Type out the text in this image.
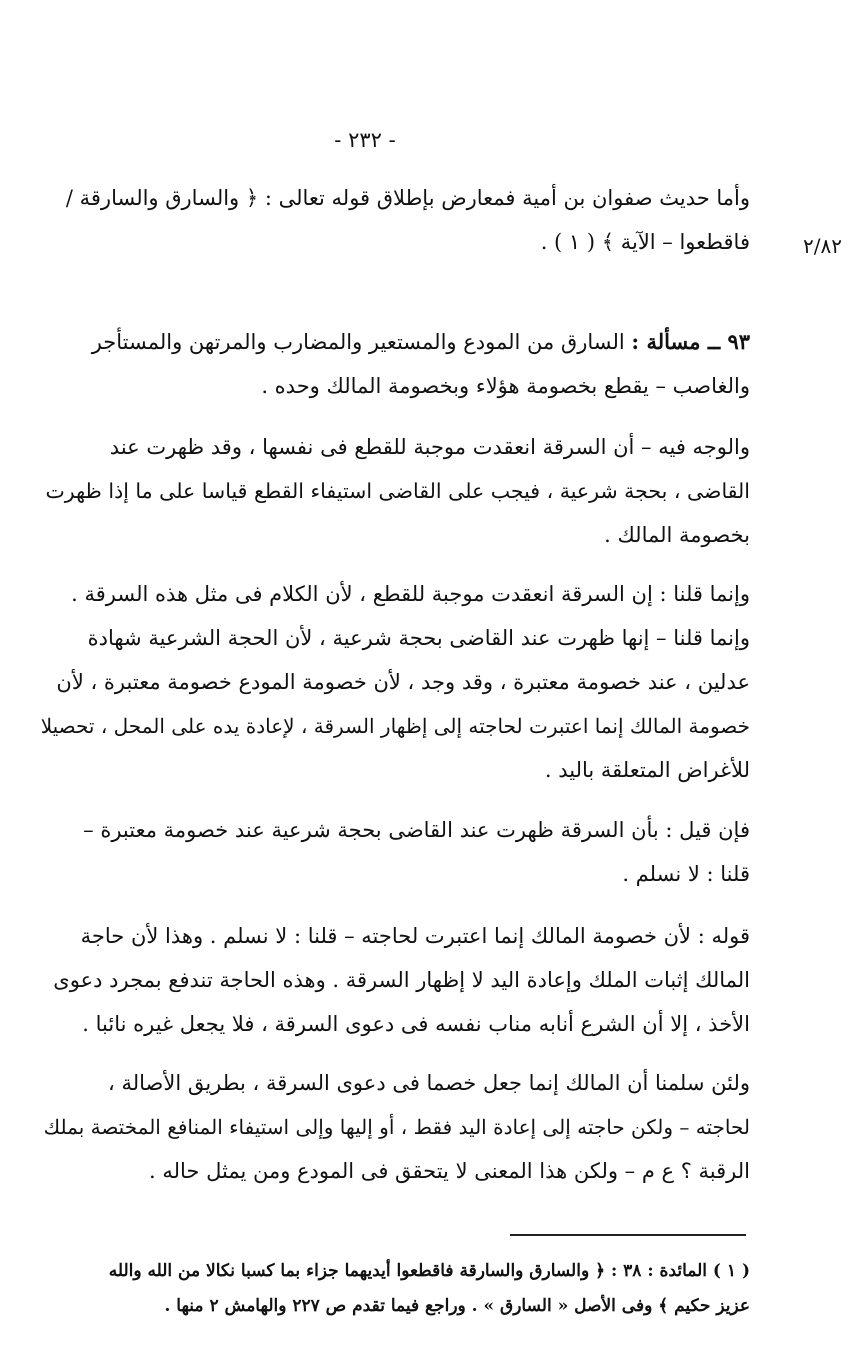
- ٢٣٢ -
٢/٨٢
وأما حديث صفوان بن أمية فمعارض بإطلاق قوله تعالى : ﴿ والسارق والسارقة /
فاقطعوا – الآية ﴾ ( ١ ) .
٩٣ ــ مسألة : السارق من المودع والمستعير والمضارب والمرتهن والمستأجر
والغاصب – يقطع بخصومة هؤلاء وبخصومة المالك وحده .
والوجه فيه – أن السرقة انعقدت موجبة للقطع فى نفسها ، وقد ظهرت عند
القاضى ، بحجة شرعية ، فيجب على القاضى استيفاء القطع قياسا على ما إذا ظهرت
بخصومة المالك .
وإنما قلنا : إن السرقة انعقدت موجبة للقطع ، لأن الكلام فى مثل هذه السرقة .
وإنما قلنا – إنها ظهرت عند القاضى بحجة شرعية ، لأن الحجة الشرعية شهادة
عدلين ، عند خصومة معتبرة ، وقد وجد ، لأن خصومة المودع خصومة معتبرة ، لأن
خصومة المالك إنما اعتبرت لحاجته إلى إظهار السرقة ، لإعادة يده على المحل ، تحصيلا
للأغراض المتعلقة باليد .
فإن قيل : بأن السرقة ظهرت عند القاضى بحجة شرعية عند خصومة معتبرة –
قلنا : لا نسلم .
قوله : لأن خصومة المالك إنما اعتبرت لحاجته – قلنا : لا نسلم . وهذا لأن حاجة
المالك إثبات الملك وإعادة اليد لا إظهار السرقة . وهذه الحاجة تندفع بمجرد دعوى
الأخذ ، إلا أن الشرع أنابه مناب نفسه فى دعوى السرقة ، فلا يجعل غيره نائبا .
ولئن سلمنا أن المالك إنما جعل خصما فى دعوى السرقة ، بطريق الأصالة ،
لحاجته – ولكن حاجته إلى إعادة اليد فقط ، أو إليها وإلى استيفاء المنافع المختصة بملك
الرقبة ؟ ع م – ولكن هذا المعنى لا يتحقق فى المودع ومن يمثل حاله .
( ١ ) المائدة : ٣٨ : ﴿ والسارق والسارقة فاقطعوا أيديهما جزاء بما كسبا نكالا من الله والله
عزيز حكيم ﴾ وفى الأصل « السارق » . وراجع فيما تقدم ص ٢٢٧ والهامش ٢ منها .
